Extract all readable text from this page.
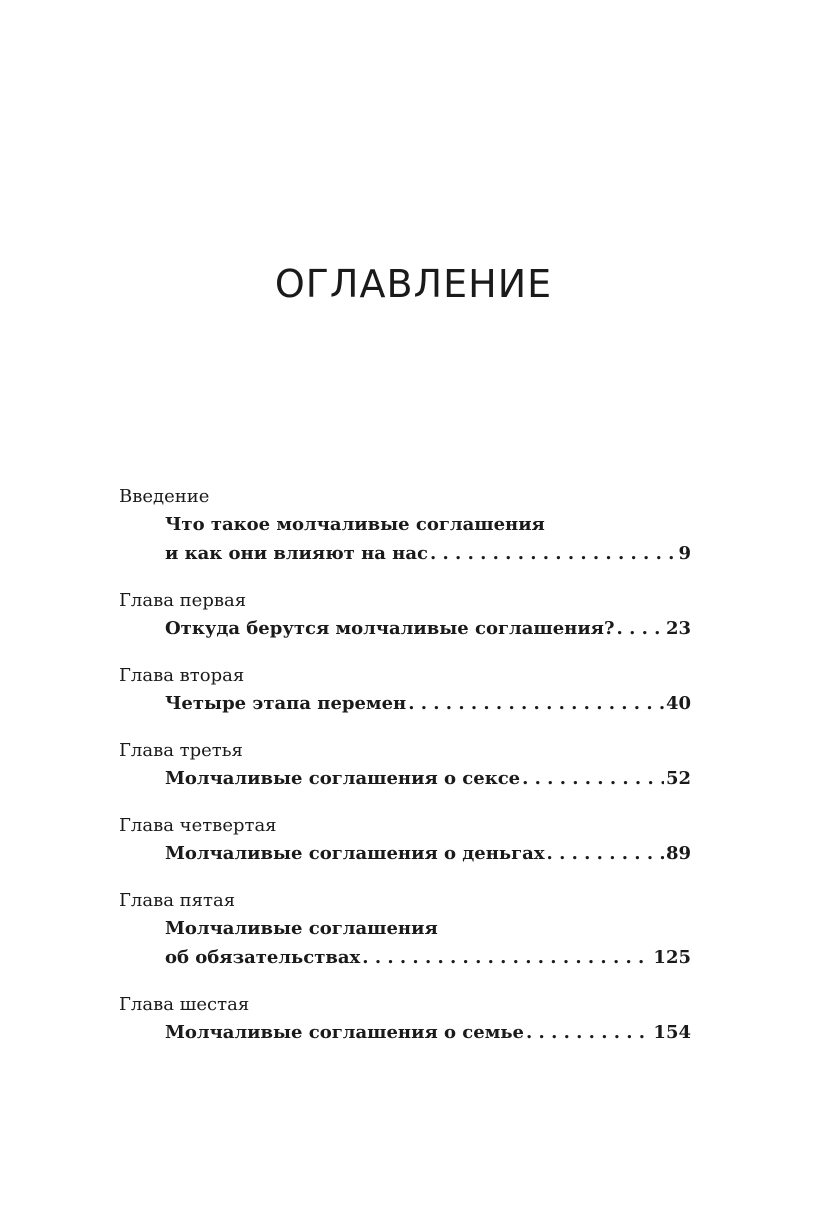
ОГЛАВЛЕНИЕ
Введение
Что такое молчаливые соглашения
и как они влияют на нас . . .	9
Глава первая
Откуда берутся молчаливые соглашения? . . .	23
Глава вторая
Четыре этапа перемен . . .	40
Глава третья
Молчаливые соглашения о сексе . . .	52
Глава четвертая
Молчаливые соглашения о деньгах . . .	89
Глава пятая
Молчаливые соглашения
об обязательствах . . .	125
Глава шестая
Молчаливые соглашения о семье . . .	154
